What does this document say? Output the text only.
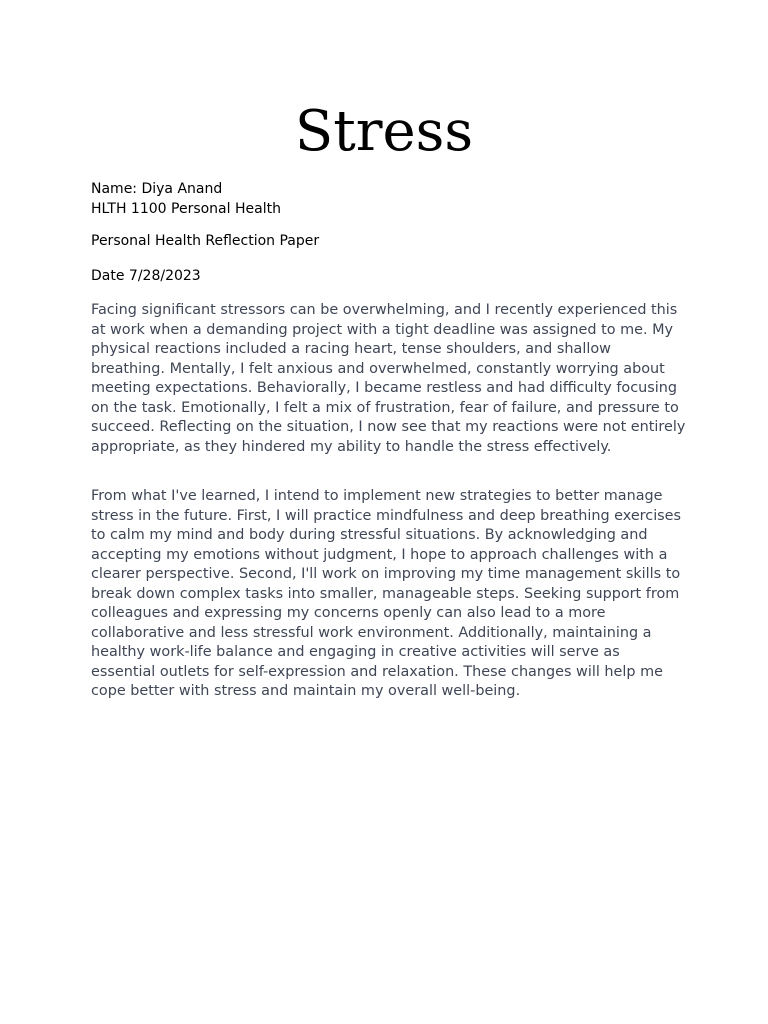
Stress

Name: Diya Anand

HLTH 1100 Personal Health

Personal Health Reflection Paper

Date 7/28/2023

Facing significant stressors can be overwhelming, and I recently experienced this at work when a demanding project with a tight deadline was assigned to me. My physical reactions included a racing heart, tense shoulders, and shallow breathing. Mentally, I felt anxious and overwhelmed, constantly worrying about meeting expectations. Behaviorally, I became restless and had difficulty focusing on the task. Emotionally, I felt a mix of frustration, fear of failure, and pressure to succeed. Reflecting on the situation, I now see that my reactions were not entirely appropriate, as they hindered my ability to handle the stress effectively.

From what I've learned, I intend to implement new strategies to better manage stress in the future. First, I will practice mindfulness and deep breathing exercises to calm my mind and body during stressful situations. By acknowledging and accepting my emotions without judgment, I hope to approach challenges with a clearer perspective. Second, I'll work on improving my time management skills to break down complex tasks into smaller, manageable steps. Seeking support from colleagues and expressing my concerns openly can also lead to a more collaborative and less stressful work environment. Additionally, maintaining a healthy work-life balance and engaging in creative activities will serve as essential outlets for self-expression and relaxation. These changes will help me cope better with stress and maintain my overall well-being.
